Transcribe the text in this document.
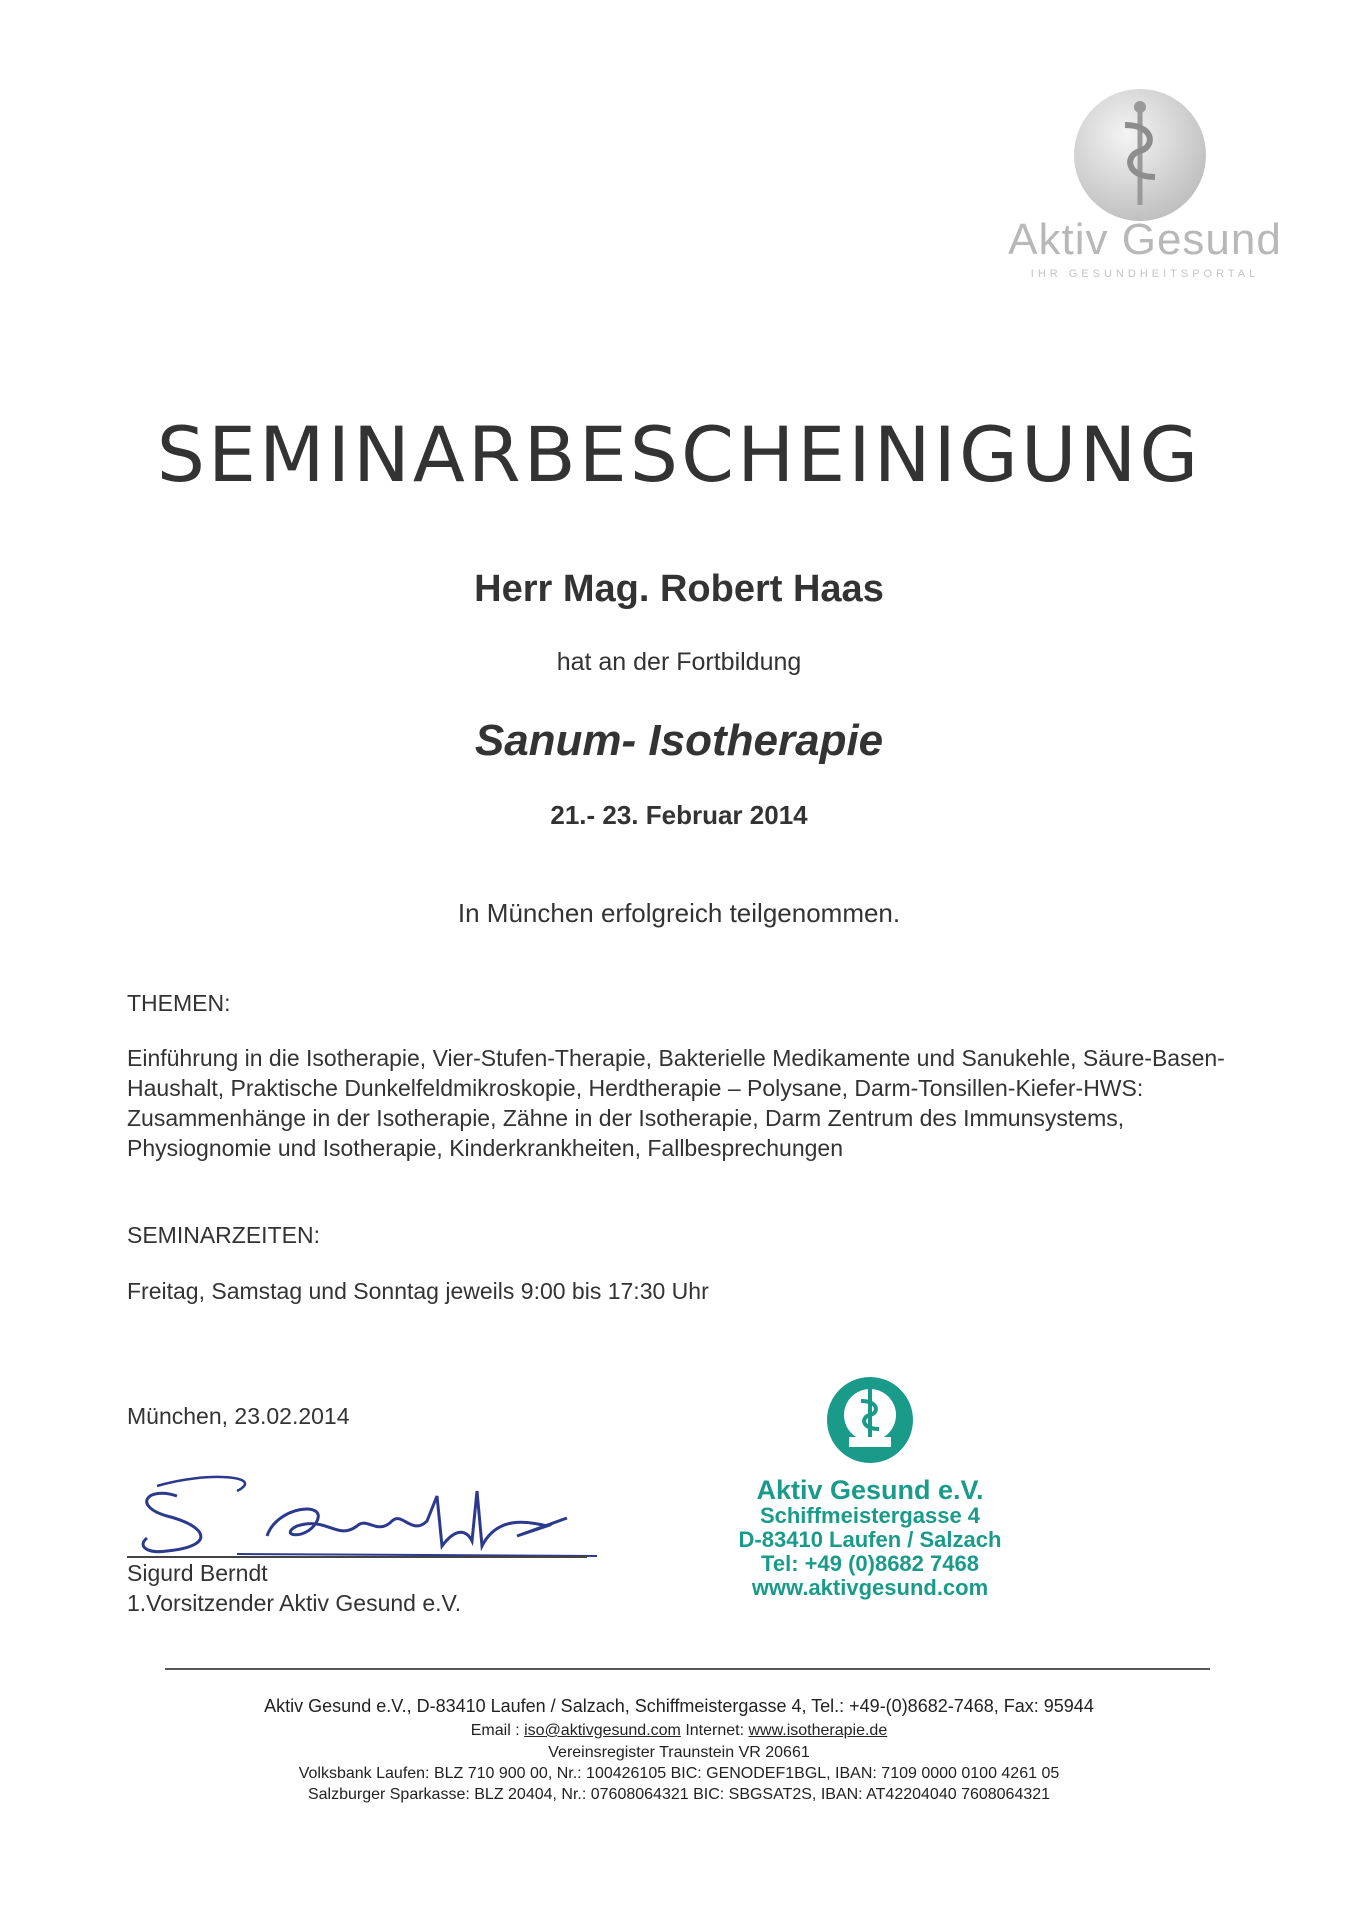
Aktiv Gesund
IHR GESUNDHEITSPORTAL
SEMINARBESCHEINIGUNG
Herr Mag. Robert Haas
hat an der Fortbildung
Sanum- Isotherapie
21.- 23. Februar 2014
In München erfolgreich teilgenommen.
THEMEN:
Einführung in die Isotherapie, Vier-Stufen-Therapie, Bakterielle Medikamente und Sanukehle, Säure-Basen-Haushalt, Praktische Dunkelfeldmikroskopie, Herdtherapie – Polysane, Darm-Tonsillen-Kiefer-HWS: Zusammenhänge in der Isotherapie, Zähne in der Isotherapie, Darm Zentrum des Immunsystems, Physiognomie und Isotherapie, Kinderkrankheiten, Fallbesprechungen
SEMINARZEITEN:
Freitag, Samstag und Sonntag jeweils 9:00 bis 17:30 Uhr
München, 23.02.2014
Sigurd Berndt
1.Vorsitzender Aktiv Gesund e.V.
Aktiv Gesund e.V.
Schiffmeistergasse 4
D-83410 Laufen / Salzach
Tel: +49 (0)8682 7468
www.aktivgesund.com
Aktiv Gesund e.V., D-83410 Laufen / Salzach, Schiffmeistergasse 4, Tel.: +49-(0)8682-7468, Fax: 95944
Email : iso@aktivgesund.com Internet: www.isotherapie.de
Vereinsregister Traunstein VR 20661
Volksbank Laufen: BLZ 710 900 00, Nr.: 100426105 BIC: GENODEF1BGL, IBAN: 7109 0000 0100 4261 05
Salzburger Sparkasse: BLZ 20404, Nr.: 07608064321 BIC: SBGSAT2S, IBAN: AT42204040 7608064321
